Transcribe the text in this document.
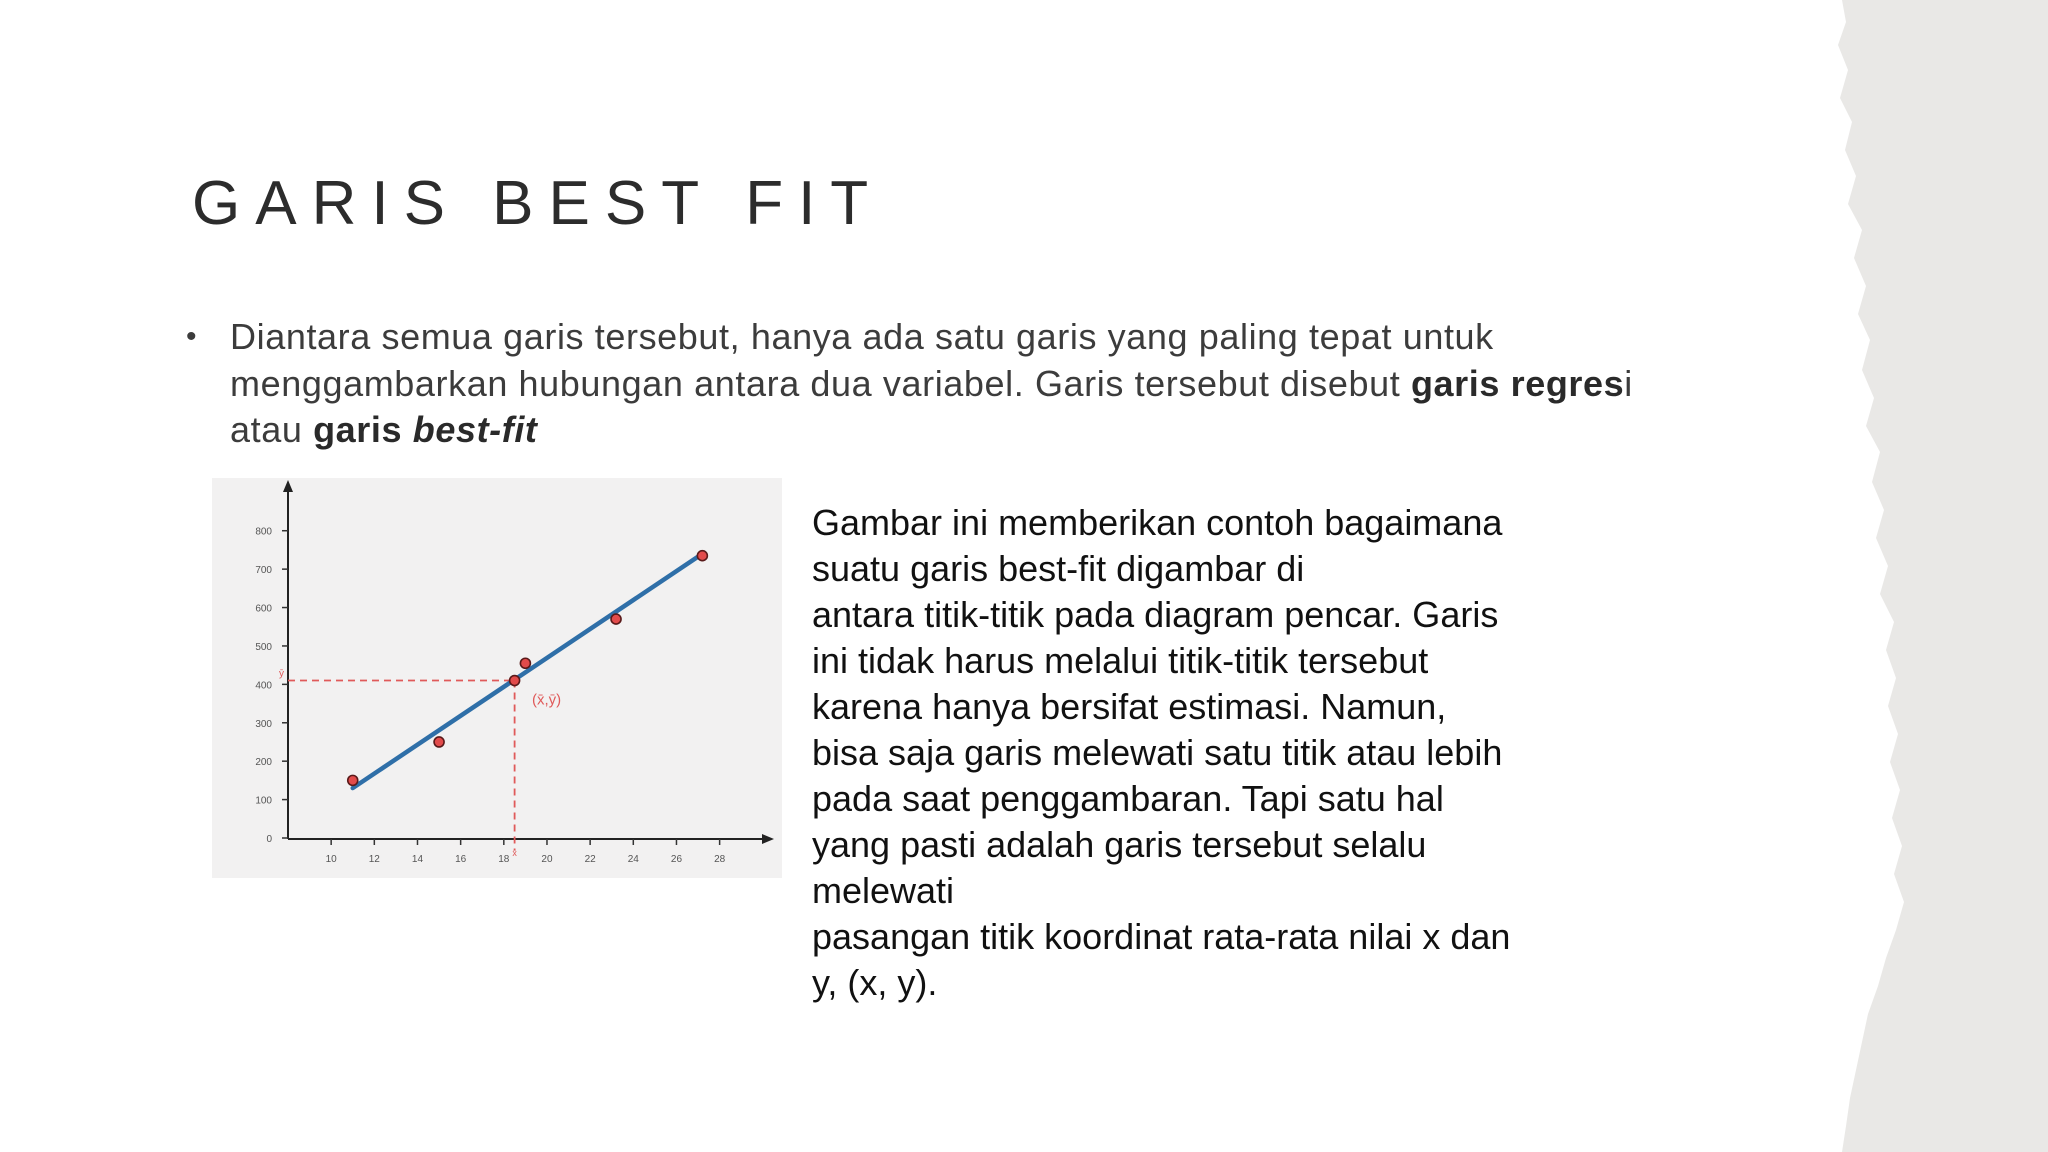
GARIS BEST FIT
• Diantara semua garis tersebut, hanya ada satu garis yang paling tepat untuk
menggambarkan hubungan antara dua variabel. Garis tersebut disebut garis regresi
atau garis best-fit
0
100
200
300
400
500
600
700
800
10	12	14	16	18	20	22	24	26	28
ȳ
x̄
(x̄,ȳ)
Gambar ini memberikan contoh bagaimana
suatu garis best-fit digambar di
antara titik-titik pada diagram pencar. Garis
ini tidak harus melalui titik-titik tersebut
karena hanya bersifat estimasi. Namun,
bisa saja garis melewati satu titik atau lebih
pada saat penggambaran. Tapi satu hal
yang pasti adalah garis tersebut selalu
melewati
pasangan titik koordinat rata-rata nilai x dan
y, (x, y).
